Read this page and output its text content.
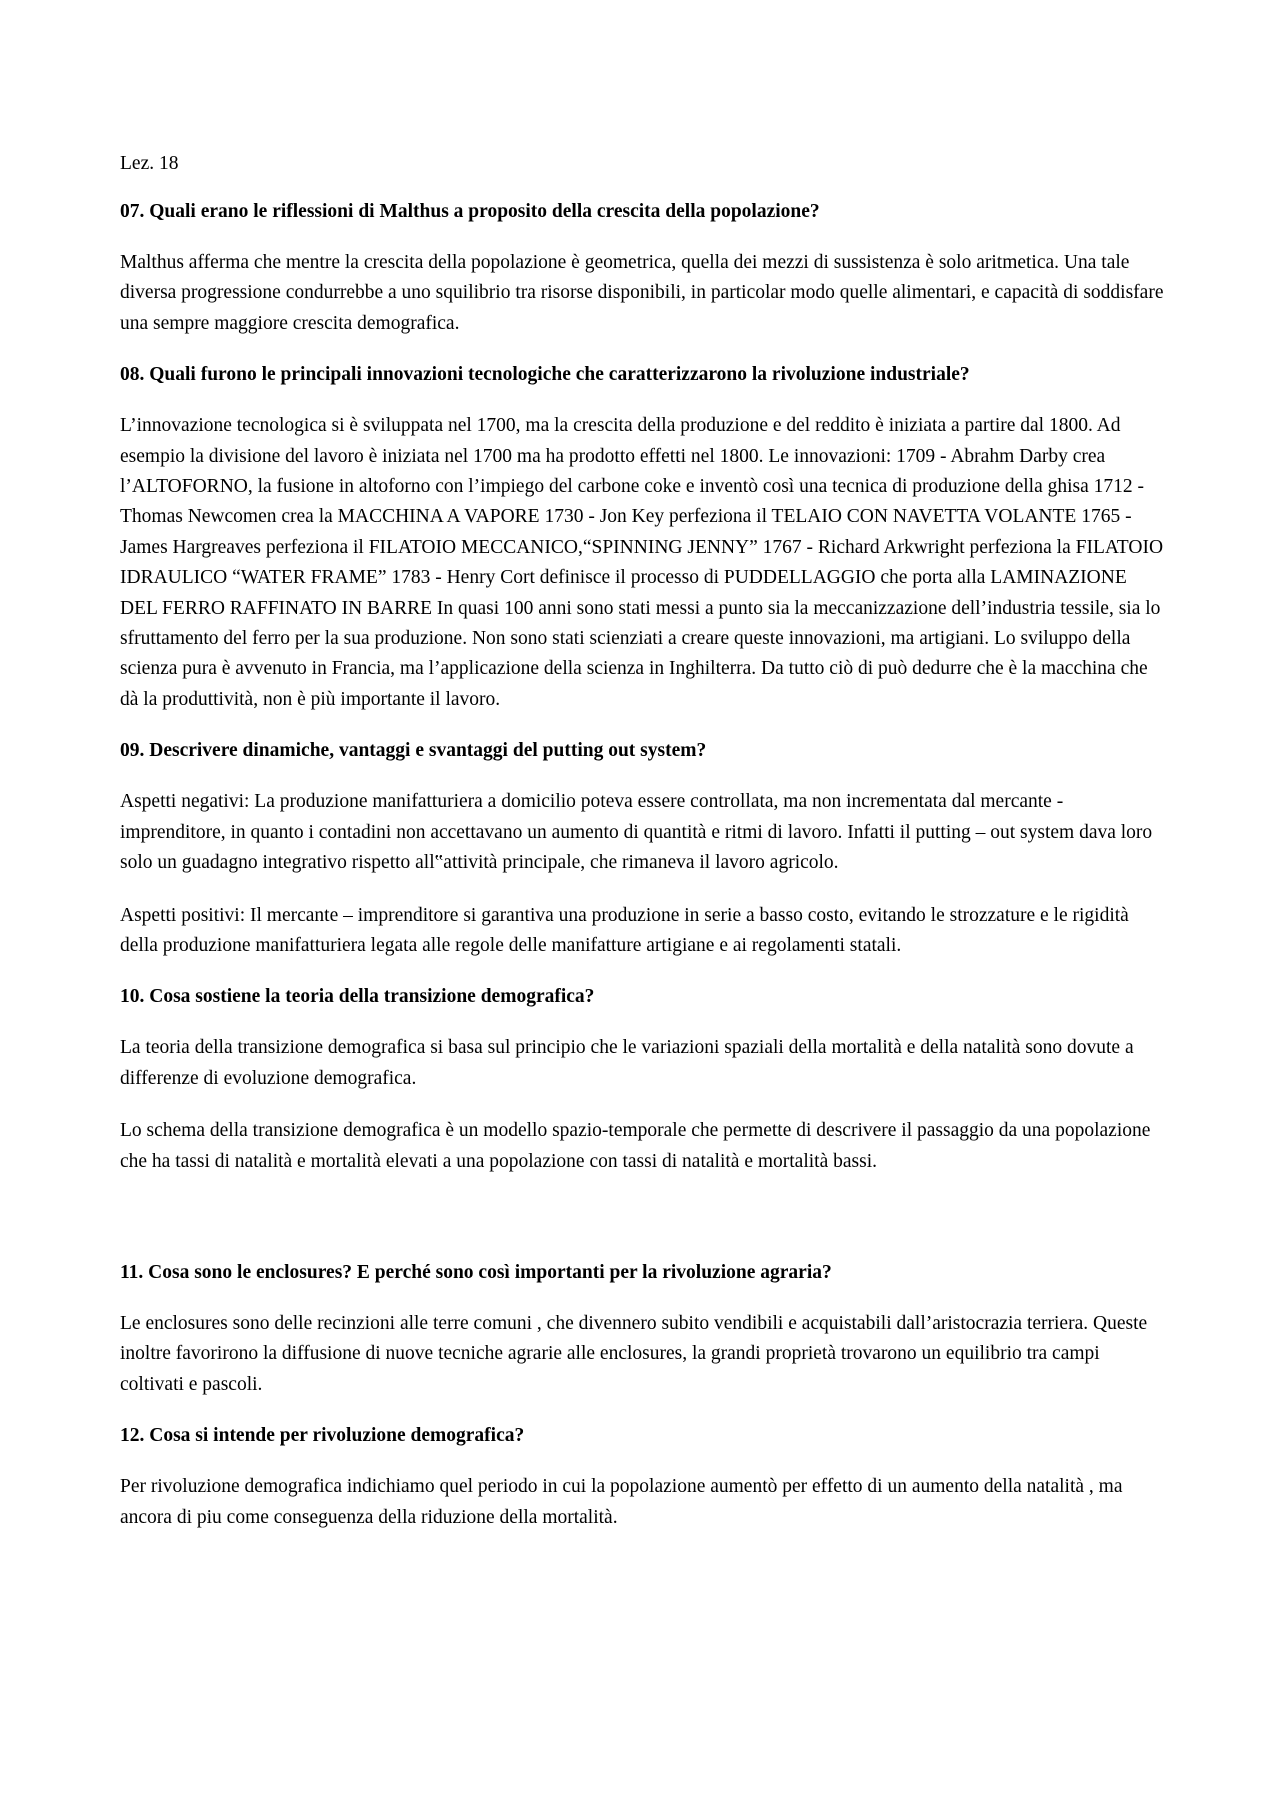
Lez. 18
07. Quali erano le riflessioni di Malthus a proposito della crescita della popolazione?
Malthus afferma che mentre la crescita della popolazione è geometrica, quella dei mezzi di sussistenza è solo aritmetica. Una tale diversa progressione condurrebbe a uno squilibrio tra risorse disponibili, in particolar modo quelle alimentari, e capacità di soddisfare una sempre maggiore crescita demografica.
08. Quali furono le principali innovazioni tecnologiche che caratterizzarono la rivoluzione industriale?
L’innovazione tecnologica si è sviluppata nel 1700, ma la crescita della produzione e del reddito è iniziata a partire dal 1800. Ad esempio la divisione del lavoro è iniziata nel 1700 ma ha prodotto effetti nel 1800. Le innovazioni: 1709 - Abrahm Darby crea l’ALTOFORNO, la fusione in altoforno con l’impiego del carbone coke e inventò così una tecnica di produzione della ghisa 1712 - Thomas Newcomen crea la MACCHINA A VAPORE 1730 - Jon Key perfeziona il TELAIO CON NAVETTA VOLANTE 1765 - James Hargreaves perfeziona il FILATOIO MECCANICO,“SPINNING JENNY” 1767 - Richard Arkwright perfeziona la FILATOIO IDRAULICO “WATER FRAME” 1783 - Henry Cort definisce il processo di PUDDELLAGGIO che porta alla LAMINAZIONE DEL FERRO RAFFINATO IN BARRE In quasi 100 anni sono stati messi a punto sia la meccanizzazione dell’industria tessile, sia lo sfruttamento del ferro per la sua produzione. Non sono stati scienziati a creare queste innovazioni, ma artigiani. Lo sviluppo della scienza pura è avvenuto in Francia, ma l’applicazione della scienza in Inghilterra. Da tutto ciò di può dedurre che è la macchina che dà la produttività, non è più importante il lavoro.
09. Descrivere dinamiche, vantaggi e svantaggi del putting out system?
Aspetti negativi: La produzione manifatturiera a domicilio poteva essere controllata, ma non incrementata dal mercante - imprenditore, in quanto i contadini non accettavano un aumento di quantità e ritmi di lavoro. Infatti il putting – out system dava loro solo un guadagno integrativo rispetto all‟attività principale, che rimaneva il lavoro agricolo.
Aspetti positivi: Il mercante – imprenditore si garantiva una produzione in serie a basso costo, evitando le strozzature e le rigidità della produzione manifatturiera legata alle regole delle manifatture artigiane e ai regolamenti statali.
10. Cosa sostiene la teoria della transizione demografica?
La teoria della transizione demografica si basa sul principio che le variazioni spaziali della mortalità e della natalità sono dovute a differenze di evoluzione demografica.
Lo schema della transizione demografica è un modello spazio-temporale che permette di descrivere il passaggio da una popolazione che ha tassi di natalità e mortalità elevati a una popolazione con tassi di natalità e mortalità bassi.
11. Cosa sono le enclosures? E perché sono così importanti per la rivoluzione agraria?
Le enclosures sono delle recinzioni alle terre comuni , che divennero subito vendibili e acquistabili dall’aristocrazia terriera. Queste inoltre favorirono la diffusione di nuove tecniche agrarie alle enclosures, la grandi proprietà trovarono un equilibrio tra campi coltivati e pascoli.
12. Cosa si intende per rivoluzione demografica?
Per rivoluzione demografica indichiamo quel periodo in cui la popolazione aumentò per effetto di un aumento della natalità , ma ancora di piu come conseguenza della riduzione della mortalità.
